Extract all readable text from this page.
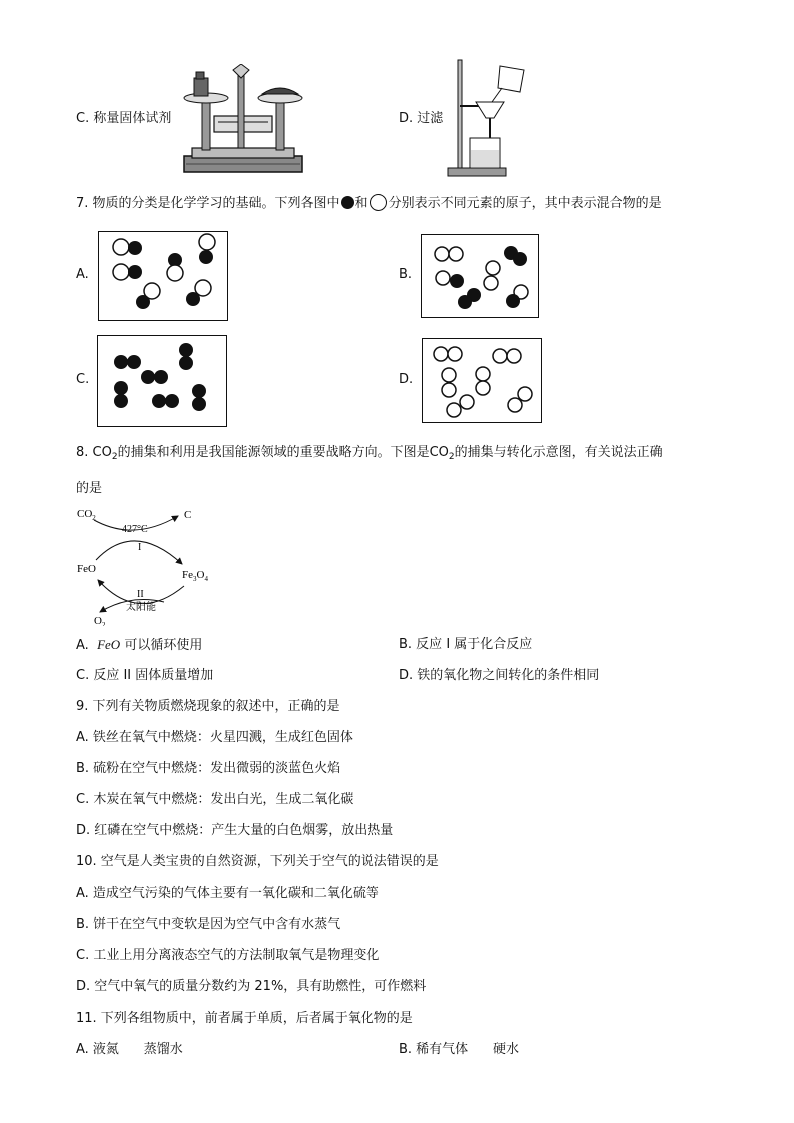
C. 称量固体试剂	D. 过滤
7. 物质的分类是化学学习的基础。下列各图中 和 分别表示不同元素的原子，其中表示混合物的是
A.	B.
C.	D.
8. $CO_2$的捕集和利用是我国能源领域的重要战略方向。下图是$CO_2$的捕集与转化示意图，有关说法正确
的是
$CO_2$
427°C
C
I
FeO	$Fe_3O_4$
II
太阳能
$O_2$
A. FeO 可以循环使用	B. 反应 I 属于化合反应
C. 反应 II 固体质量增加	D. 铁的氧化物之间转化的条件相同
9. 下列有关物质燃烧现象的叙述中，正确的是
A. 铁丝在氧气中燃烧：火星四溅，生成红色固体
B. 硫粉在空气中燃烧：发出微弱的淡蓝色火焰
C. 木炭在氧气中燃烧：发出白光，生成二氧化碳
D. 红磷在空气中燃烧：产生大量的白色烟雾，放出热量
10. 空气是人类宝贵的自然资源，下列关于空气的说法错误的是
A. 造成空气污染的气体主要有一氧化碳和二氧化硫等
B. 饼干在空气中变软是因为空气中含有水蒸气
C. 工业上用分离液态空气的方法制取氧气是物理变化
D. 空气中氧气的质量分数约为 21%，具有助燃性，可作燃料
11. 下列各组物质中，前者属于单质，后者属于氧化物的是
A. 液氮      蒸馏水	B. 稀有气体      硬水
